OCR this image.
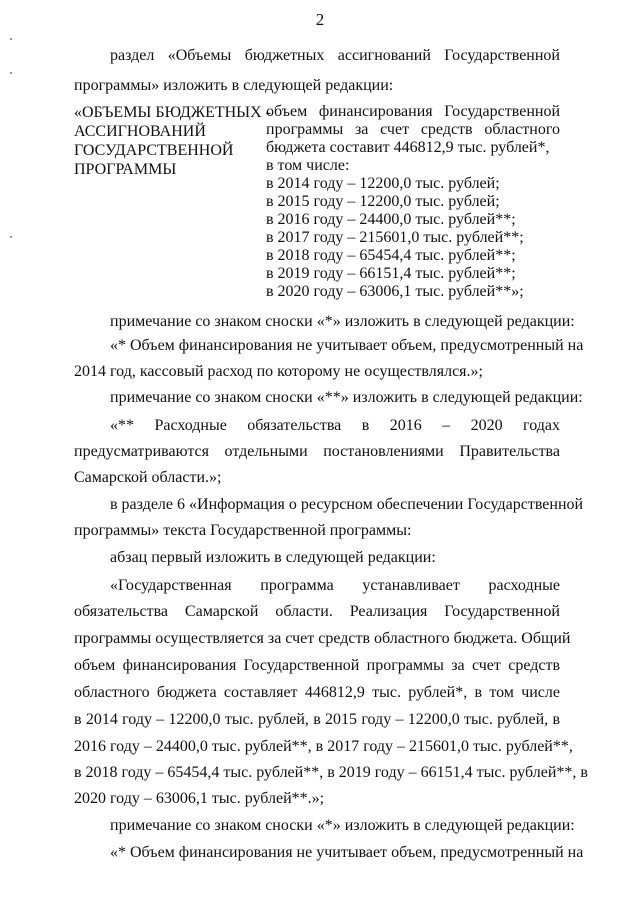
2
раздел «Объемы бюджетных ассигнований Государственной
программы» изложить в следующей редакции:
«ОБЪЕМЫ БЮДЖЕТНЫХ -
АССИГНОВАНИЙ
ГОСУДАРСТВЕННОЙ
ПРОГРАММЫ
объем финансирования Государственной
программы за счет средств областного
бюджета составит 446812,9 тыс. рублей*,
в том числе:
в 2014 году – 12200,0 тыс. рублей;
в 2015 году – 12200,0 тыс. рублей;
в 2016 году – 24400,0 тыс. рублей**;
в 2017 году – 215601,0 тыс. рублей**;
в 2018 году – 65454,4 тыс. рублей**;
в 2019 году – 66151,4 тыс. рублей**;
в 2020 году – 63006,1 тыс. рублей**»;
примечание со знаком сноски «*» изложить в следующей редакции:
«* Объем финансирования не учитывает объем, предусмотренный на
2014 год, кассовый расход по которому не осуществлялся.»;
примечание со знаком сноски «**» изложить в следующей редакции:
«** Расходные обязательства в 2016 – 2020 годах
предусматриваются отдельными постановлениями Правительства
Самарской области.»;
в разделе 6 «Информация о ресурсном обеспечении Государственной
программы» текста Государственной программы:
абзац первый изложить в следующей редакции:
«Государственная программа устанавливает расходные
обязательства Самарской области. Реализация Государственной
программы осуществляется за счет средств областного бюджета. Общий
объем финансирования Государственной программы за счет средств
областного бюджета составляет 446812,9 тыс. рублей*, в том числе
в 2014 году – 12200,0 тыс. рублей, в 2015 году – 12200,0 тыс. рублей, в
2016 году – 24400,0 тыс. рублей**, в 2017 году – 215601,0 тыс. рублей**,
в 2018 году – 65454,4 тыс. рублей**, в 2019 году – 66151,4 тыс. рублей**, в
2020 году – 63006,1 тыс. рублей**.»;
примечание со знаком сноски «*» изложить в следующей редакции:
«* Объем финансирования не учитывает объем, предусмотренный на
